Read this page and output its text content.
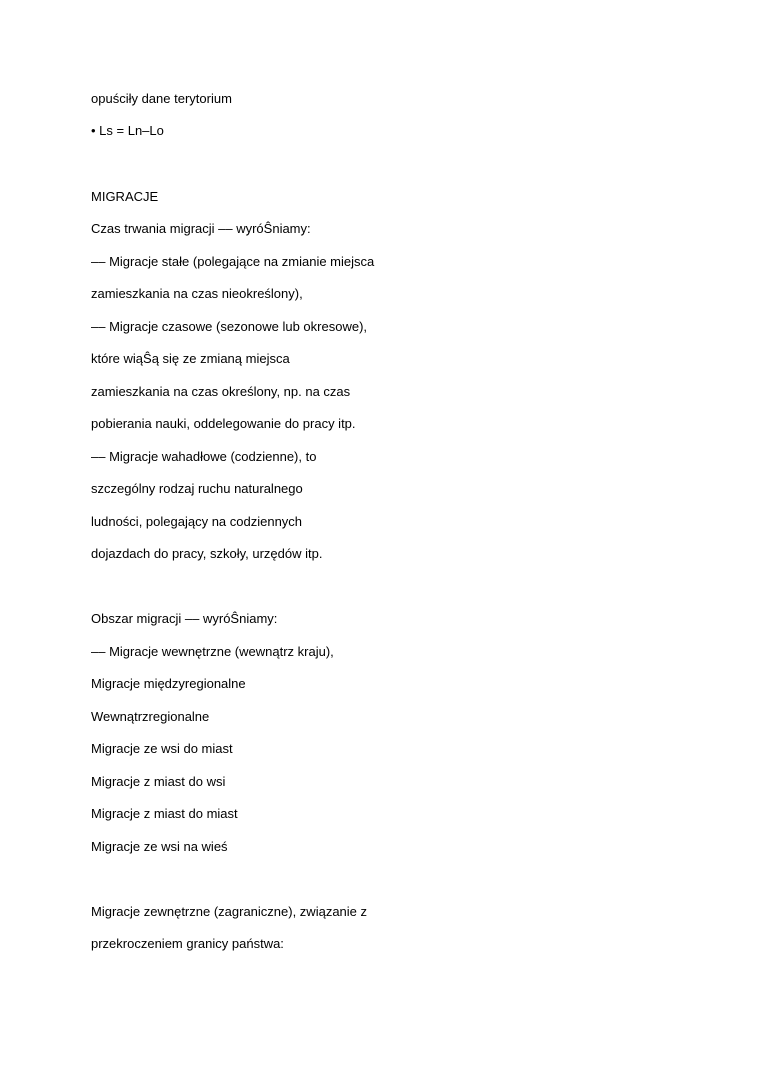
opuściły dane terytorium
• Ls = Ln–Lo
MIGRACJE
Czas trwania migracji –– wyróŜniamy:
–– Migracje stałe (polegające na zmianie miejsca
zamieszkania na czas nieokreślony),
–– Migracje czasowe (sezonowe lub okresowe),
które wiąŜą się ze zmianą miejsca
zamieszkania na czas określony, np. na czas
pobierania nauki, oddelegowanie do pracy itp.
–– Migracje wahadłowe (codzienne), to
szczególny rodzaj ruchu naturalnego
ludności, polegający na codziennych
dojazdach do pracy, szkoły, urzędów itp.
Obszar migracji –– wyróŜniamy:
–– Migracje wewnętrzne (wewnątrz kraju),
Migracje międzyregionalne
Wewnątrzregionalne
Migracje ze wsi do miast
Migracje z miast do wsi
Migracje z miast do miast
Migracje ze wsi na wieś
Migracje zewnętrzne (zagraniczne), związanie z
przekroczeniem granicy państwa:
